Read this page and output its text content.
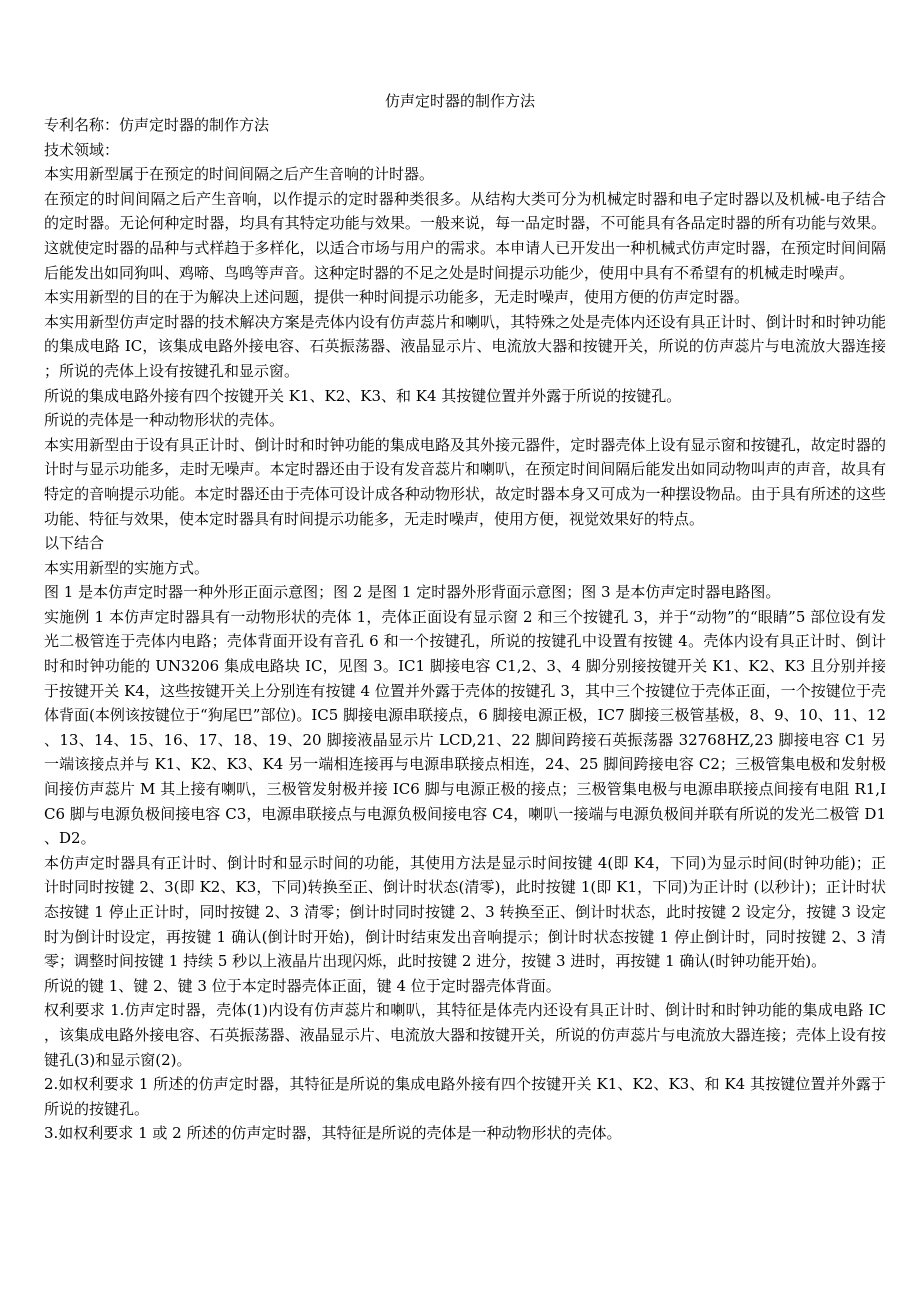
仿声定时器的制作方法

专利名称：仿声定时器的制作方法

技术领域：

本实用新型属于在预定的时间间隔之后产生音响的计时器。

在预定的时间间隔之后产生音响，以作提示的定时器种类很多。从结构大类可分为机械定时器和电子定时器以及机械-电子结合的定时器。无论何种定时器，均具有其特定功能与效果。一般来说，每一品定时器，不可能具有各品定时器的所有功能与效果。这就使定时器的品种与式样趋于多样化，以适合市场与用户的需求。本申请人已开发出一种机械式仿声定时器，在预定时间间隔后能发出如同狗叫、鸡啼、鸟鸣等声音。这种定时器的不足之处是时间提示功能少，使用中具有不希望有的机械走时噪声。

本实用新型的目的在于为解决上述问题，提供一种时间提示功能多，无走时噪声，使用方便的仿声定时器。

本实用新型仿声定时器的技术解决方案是壳体内设有仿声蕊片和喇叭，其特殊之处是壳体内还设有具正计时、倒计时和时钟功能的集成电路 IC，该集成电路外接电容、石英振荡器、液晶显示片、电流放大器和按键开关，所说的仿声蕊片与电流放大器连接；所说的壳体上设有按键孔和显示窗。

所说的集成电路外接有四个按键开关 K1、K2、K3、和 K4 其按键位置并外露于所说的按键孔。

所说的壳体是一种动物形状的壳体。

本实用新型由于设有具正计时、倒计时和时钟功能的集成电路及其外接元器件，定时器壳体上设有显示窗和按键孔，故定时器的计时与显示功能多，走时无噪声。本定时器还由于设有发音蕊片和喇叭，在预定时间间隔后能发出如同动物叫声的声音，故具有特定的音响提示功能。本定时器还由于壳体可设计成各种动物形状，故定时器本身又可成为一种摆设物品。由于具有所述的这些功能、特征与效果，使本定时器具有时间提示功能多，无走时噪声，使用方便，视觉效果好的特点。

以下结合

本实用新型的实施方式。

图 1 是本仿声定时器一种外形正面示意图；图 2 是图 1 定时器外形背面示意图；图 3 是本仿声定时器电路图。

实施例 1 本仿声定时器具有一动物形状的壳体 1，壳体正面设有显示窗 2 和三个按键孔 3，并于“动物”的“眼睛”5 部位设有发光二极管连于壳体内电路；壳体背面开设有音孔 6 和一个按键孔，所说的按键孔中设置有按键 4。壳体内设有具正计时、倒计时和时钟功能的 UN3206 集成电路块 IC，见图 3。IC1 脚接电容 C1,2、3、4 脚分别接按键开关 K1、K2、K3 且分别并接于按键开关 K4，这些按键开关上分别连有按键 4 位置并外露于壳体的按键孔 3，其中三个按键位于壳体正面，一个按键位于壳体背面(本例该按键位于“狗尾巴”部位)。IC5 脚接电源串联接点，6 脚接电源正极，IC7 脚接三极管基极，8、9、10、11、12、13、14、15、16、17、18、19、20 脚接液晶显示片 LCD,21、22 脚间跨接石英振荡器 32768HZ,23 脚接电容 C1 另一端该接点并与 K1、K2、K3、K4 另一端相连接再与电源串联接点相连，24、25 脚间跨接电容 C2；三极管集电极和发射极间接仿声蕊片 M 其上接有喇叭，三极管发射极并接 IC6 脚与电源正极的接点；三极管集电极与电源串联接点间接有电阻 R1,IC6 脚与电源负极间接电容 C3，电源串联接点与电源负极间接电容 C4，喇叭一接端与电源负极间并联有所说的发光二极管 D1、D2。

本仿声定时器具有正计时、倒计时和显示时间的功能，其使用方法是显示时间按键 4(即 K4，下同)为显示时间(时钟功能)；正计时同时按键 2、3(即 K2、K3，下同)转换至正、倒计时状态(清零)，此时按键 1(即 K1，下同)为正计时 (以秒计)；正计时状态按键 1 停止正计时，同时按键 2、3 清零；倒计时同时按键 2、3 转换至正、倒计时状态，此时按键 2 设定分，按键 3 设定时为倒计时设定，再按键 1 确认(倒计时开始)，倒计时结束发出音响提示；倒计时状态按键 1 停止倒计时，同时按键 2、3 清零；调整时间按键 1 持续 5 秒以上液晶片出现闪烁，此时按键 2 进分，按键 3 进时，再按键 1 确认(时钟功能开始)。

所说的键 1、键 2、键 3 位于本定时器壳体正面，键 4 位于定时器壳体背面。

权利要求 1.仿声定时器，壳体(1)内设有仿声蕊片和喇叭，其特征是体壳内还设有具正计时、倒计时和时钟功能的集成电路 IC，该集成电路外接电容、石英振荡器、液晶显示片、电流放大器和按键开关，所说的仿声蕊片与电流放大器连接；壳体上设有按键孔(3)和显示窗(2)。

2.如权利要求 1 所述的仿声定时器，其特征是所说的集成电路外接有四个按键开关 K1、K2、K3、和 K4 其按键位置并外露于所说的按键孔。

3.如权利要求 1 或 2 所述的仿声定时器，其特征是所说的壳体是一种动物形状的壳体。
